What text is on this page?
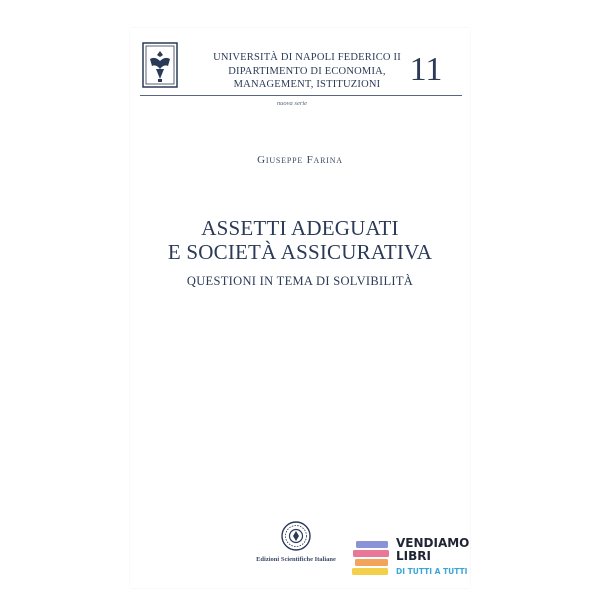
UNIVERSITÀ DI NAPOLI FEDERICO II
DIPARTIMENTO DI ECONOMIA,
MANAGEMENT, ISTITUZIONI 11
nuova serie
Giuseppe Farina
ASSETTI ADEGUATI
E SOCIETÀ ASSICURATIVA
QUESTIONI IN TEMA DI SOLVIBILITÀ
Edizioni Scientifiche Italiane
VENDIAMO
LIBRI
DI TUTTI A TUTTI
